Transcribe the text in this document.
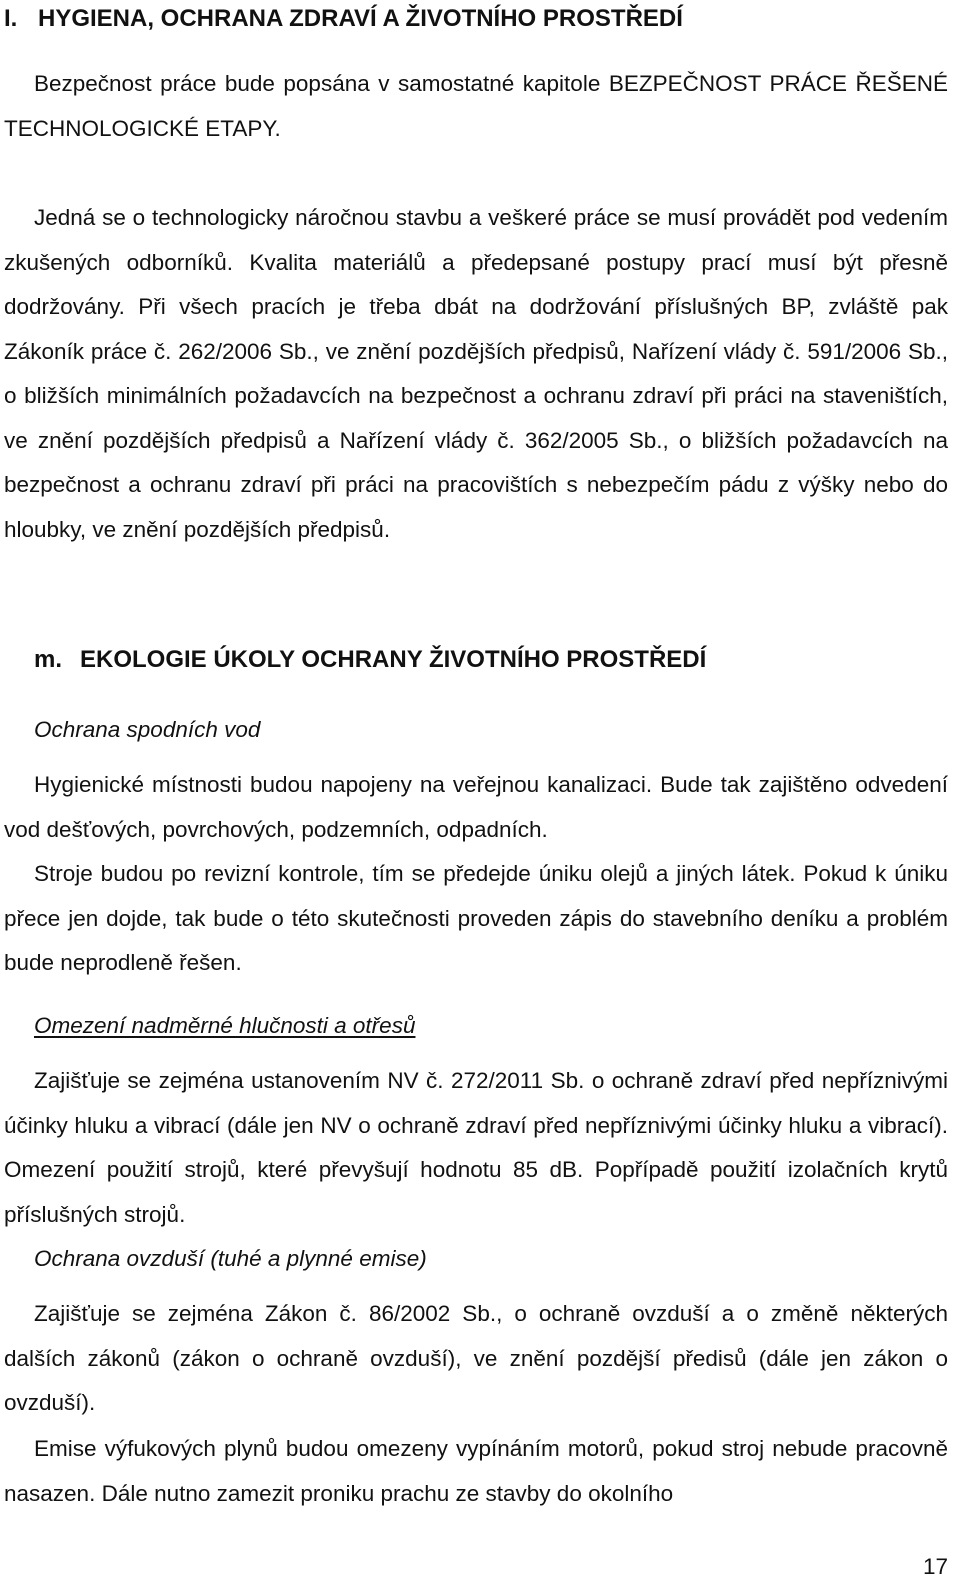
I. HYGIENA, OCHRANA ZDRAVÍ A ŽIVOTNÍHO PROSTŘEDÍ

Bezpečnost práce bude popsána v samostatné kapitole BEZPEČNOST PRÁCE ŘEŠENÉ TECHNOLOGICKÉ ETAPY.

Jedná se o technologicky náročnou stavbu a veškeré práce se musí provádět pod vedením zkušených odborníků. Kvalita materiálů a předepsané postupy prací musí být přesně dodržovány. Při všech pracích je třeba dbát na dodržování příslušných BP, zvláště pak Zákoník práce č. 262/2006 Sb., ve znění pozdějších předpisů, Nařízení vlády č. 591/2006 Sb., o bližších minimálních požadavcích na bezpečnost a ochranu zdraví při práci na staveništích, ve znění pozdějších předpisů a Nařízení vlády č. 362/2005 Sb., o bližších požadavcích na bezpečnost a ochranu zdraví při práci na pracovištích s nebezpečím pádu z výšky nebo do hloubky, ve znění pozdějších předpisů.

m. EKOLOGIE ÚKOLY OCHRANY ŽIVOTNÍHO PROSTŘEDÍ
Ochrana spodních vod

Hygienické místnosti budou napojeny na veřejnou kanalizaci. Bude tak zajištěno odvedení vod dešťových, povrchových, podzemních, odpadních.

Stroje budou po revizní kontrole, tím se předejde úniku olejů a jiných látek. Pokud k úniku přece jen dojde, tak bude o této skutečnosti proveden zápis do stavebního deníku a problém bude neprodleně řešen.

Omezení nadměrné hlučnosti a otřesů

Zajišťuje se zejména ustanovením NV č. 272/2011 Sb. o ochraně zdraví před nepříznivými účinky hluku a vibrací (dále jen NV o ochraně zdraví před nepříznivými účinky hluku a vibrací). Omezení použití strojů, které převyšují hodnotu 85 dB. Popřípadě použití izolačních krytů příslušných strojů.

Ochrana ovzduší (tuhé a plynné emise)

Zajišťuje se zejména Zákon č. 86/2002 Sb., o ochraně ovzduší a o změně některých dalších zákonů (zákon o ochraně ovzduší), ve znění pozdější předisů (dále jen zákon o ovzduší).

Emise výfukových plynů budou omezeny vypínáním motorů, pokud stroj nebude pracovně nasazen. Dále nutno zamezit proniku prachu ze stavby do okolního

17
